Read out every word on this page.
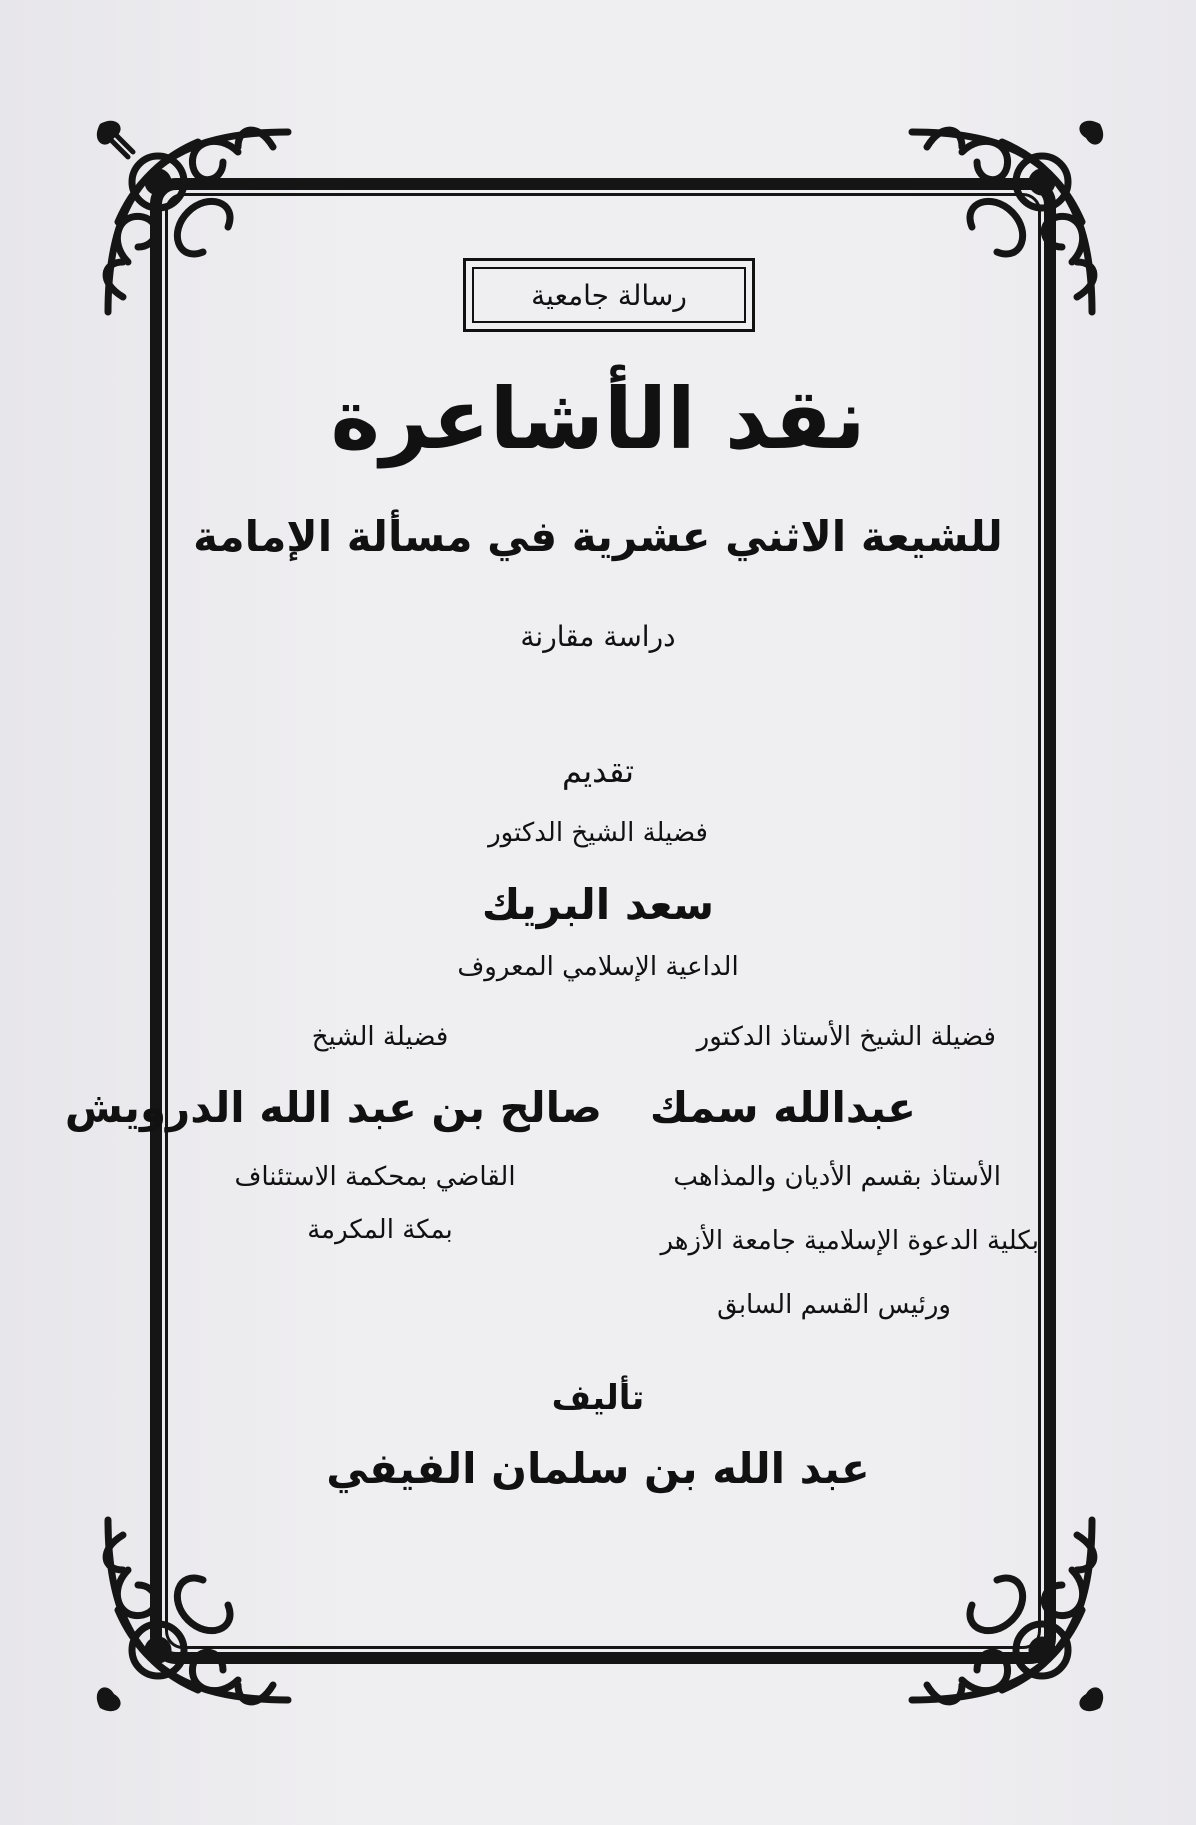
رسالة جامعية
نقد الأشاعرة
للشيعة الاثني عشرية في مسألة الإمامة
دراسة مقارنة
تقديم
فضيلة الشيخ الدكتور
سعد البريك
الداعية الإسلامي المعروف
فضيلة الشيخ الأستاذ الدكتور
عبدالله سمك
الأستاذ بقسم الأديان والمذاهب
بكلية الدعوة الإسلامية جامعة الأزهر
ورئيس القسم السابق
فضيلة الشيخ
صالح بن عبد الله الدرويش
القاضي بمحكمة الاستئناف
بمكة المكرمة
تأليف
عبد الله بن سلمان الفيفي
